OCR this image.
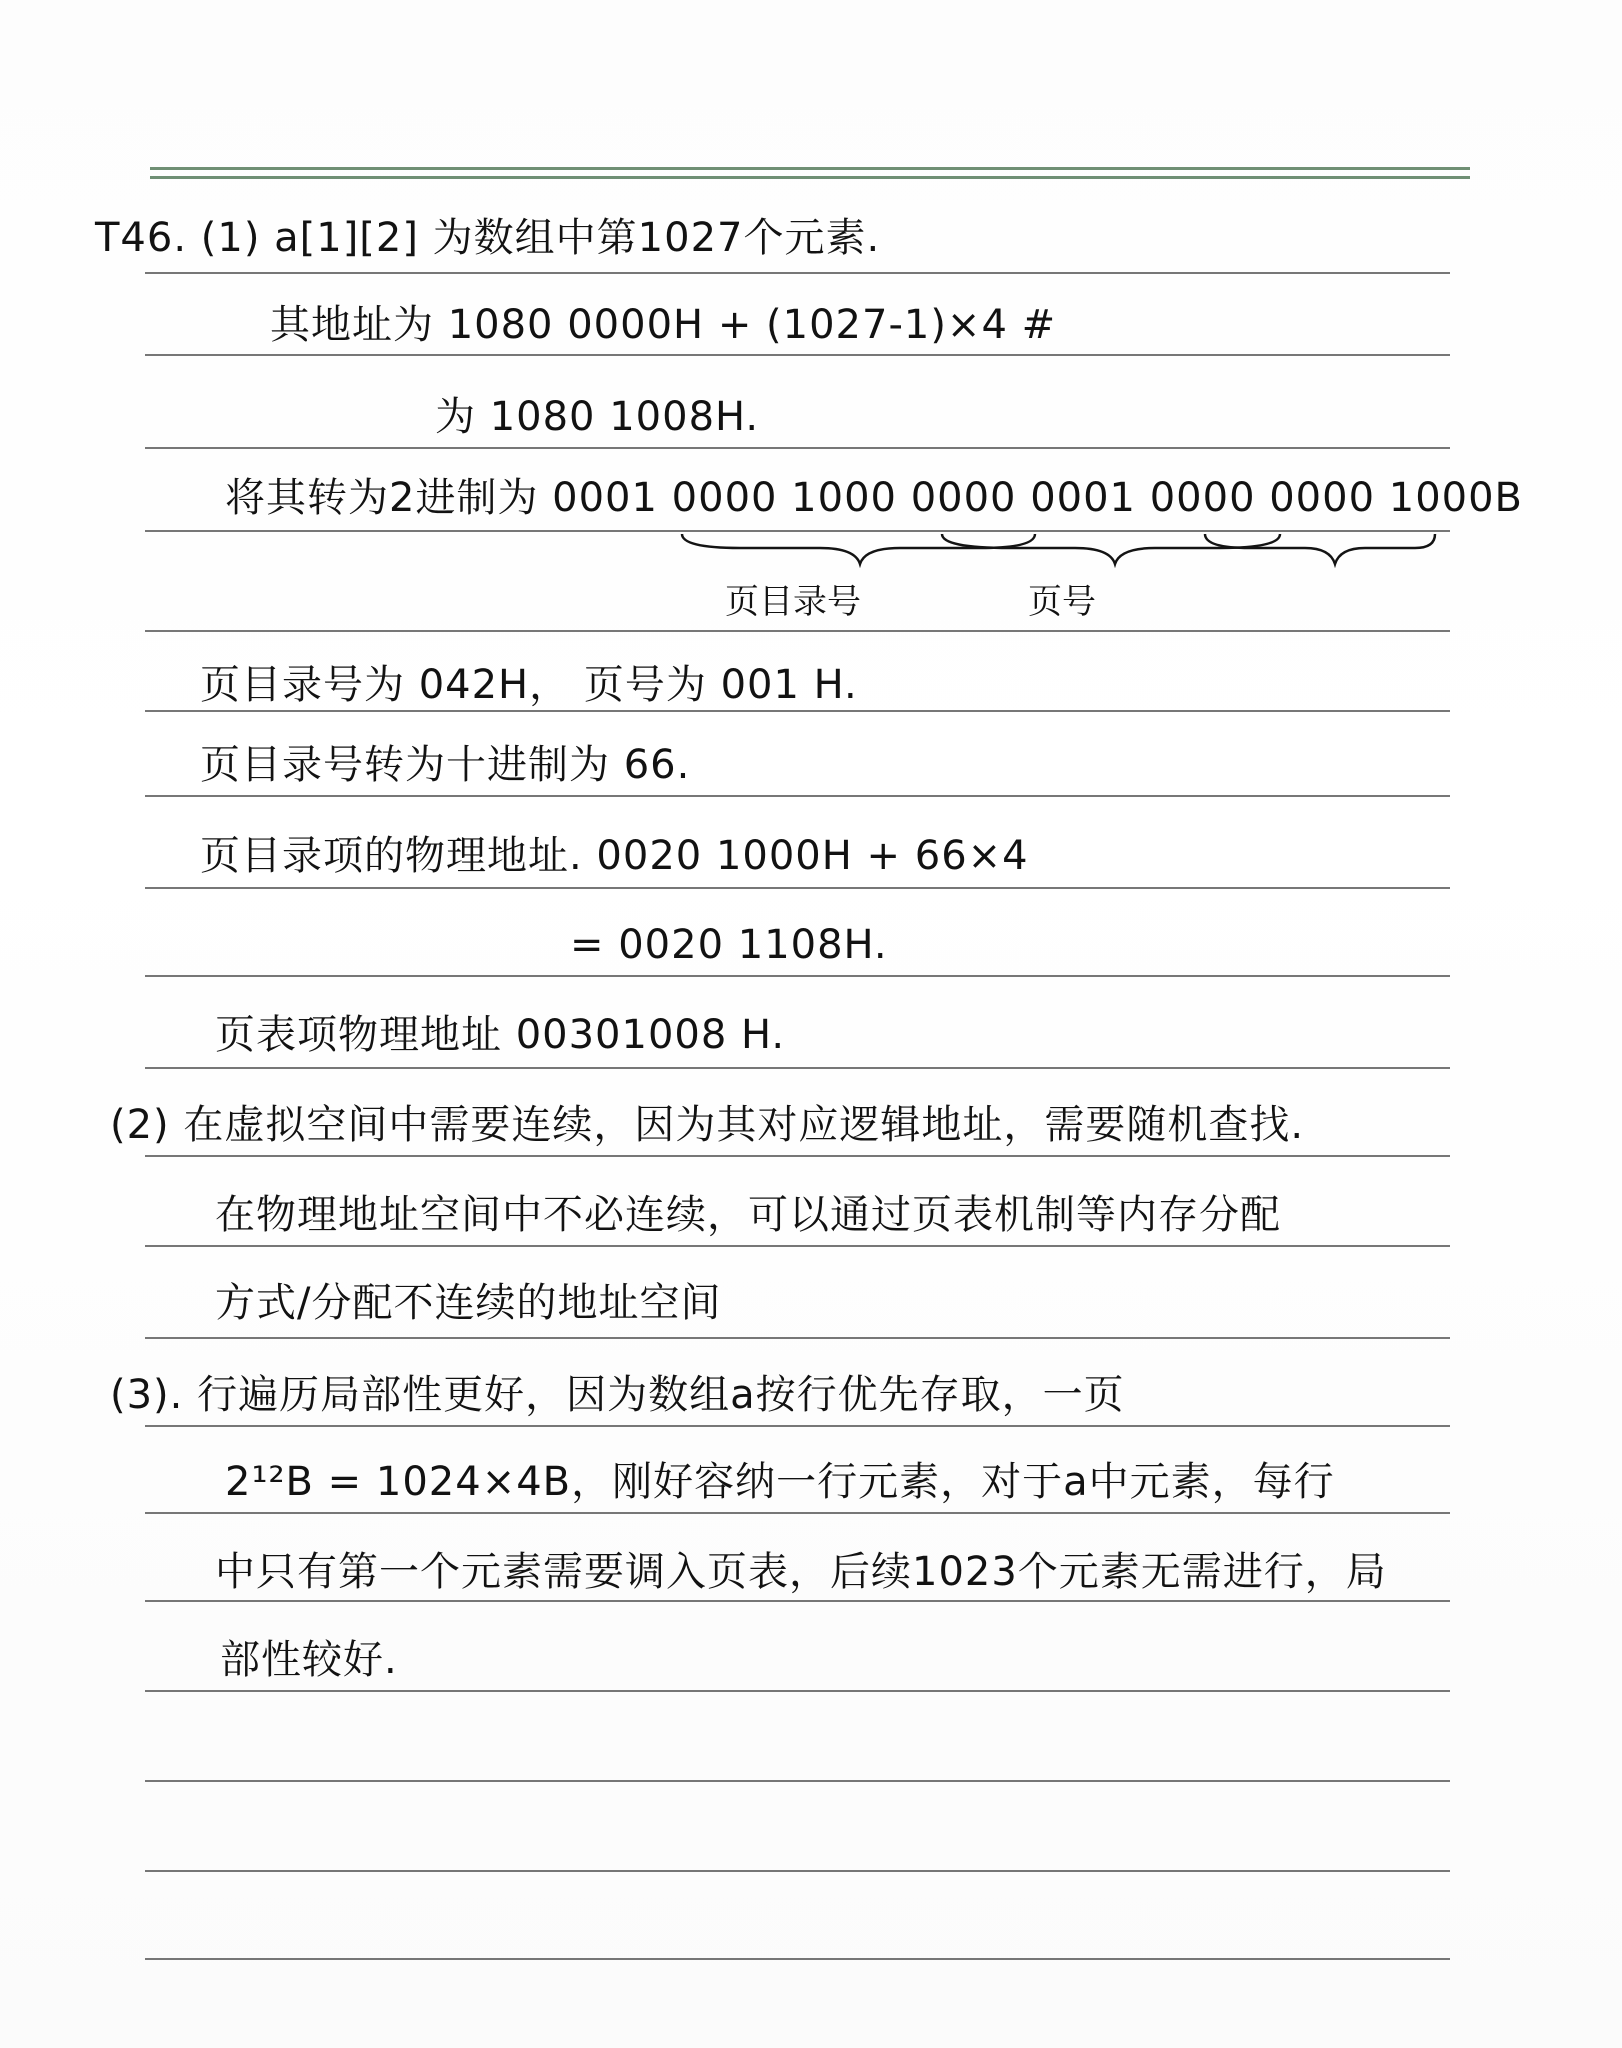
T46. (1) a[1][2] 为数组中第1027个元素.
其地址为 1080 0000H + (1027-1)×4 #
为 1080 1008H.
将其转为2进制为 0001 0000 1000 0000 0001 0000 0000 1000B
页目录号	页号
页目录号为 042H， 页号为 001 H.
页目录号转为十进制为 66.
页目录项的物理地址. 0020 1000H + 66×4
= 0020 1108H.
页表项物理地址 00301008 H.
(2) 在虚拟空间中需要连续，因为其对应逻辑地址，需要随机查找.
在物理地址空间中不必连续，可以通过页表机制等内存分配
方式/分配不连续的地址空间
(3). 行遍历局部性更好，因为数组a按行优先存取，一页
2¹²B = 1024×4B，刚好容纳一行元素，对于a中元素，每行
中只有第一个元素需要调入页表，后续1023个元素无需进行，局
部性较好.
